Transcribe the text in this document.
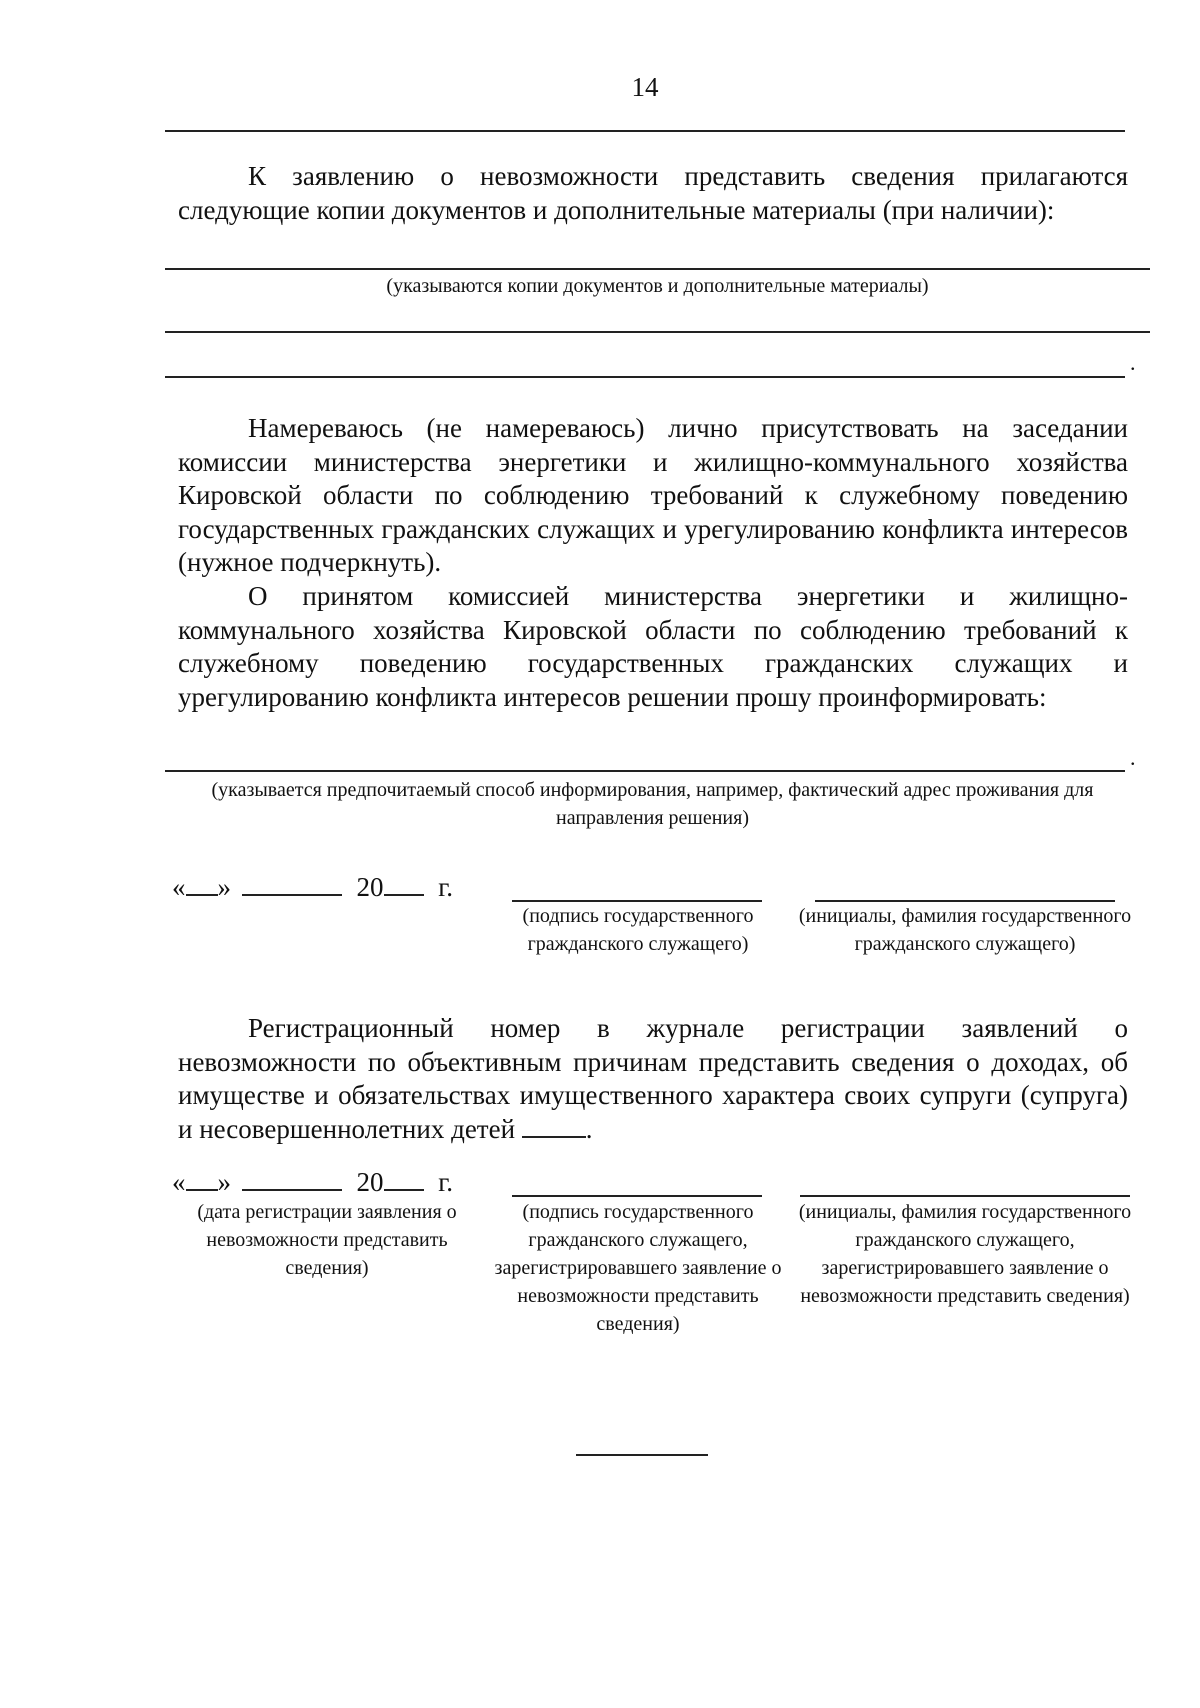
14
К заявлению о невозможности представить сведения прилагаются следующие копии документов и дополнительные материалы (при наличии):
(указываются копии документов и дополнительные материалы)
.
Намереваюсь (не намереваюсь) лично присутствовать на заседании комиссии министерства энергетики и жилищно-коммунального хозяйства Кировской области по соблюдению требований к служебному поведению государственных гражданских служащих и урегулированию конфликта интересов (нужное подчеркнуть).
О принятом комиссией министерства энергетики и жилищно-коммунального хозяйства Кировской области по соблюдению требований к служебному поведению государственных гражданских служащих и урегулированию конфликта интересов решении прошу проинформировать:
.
(указывается предпочитаемый способ информирования, например, фактический адрес проживания для направления решения)
« »	20 г.
(подпись государственного гражданского служащего)
(инициалы, фамилия государственного гражданского служащего)
Регистрационный номер в журнале регистрации заявлений о невозможности по объективным причинам представить сведения о доходах, об имуществе и обязательствах имущественного характера своих супруги (супруга) и несовершеннолетних детей	.
« »	20 г.
(дата регистрации заявления о невозможности представить сведения)
(подпись государственного гражданского служащего, зарегистрировавшего заявление о невозможности представить сведения)
(инициалы, фамилия государственного гражданского служащего, зарегистрировавшего заявление о невозможности представить сведения)
